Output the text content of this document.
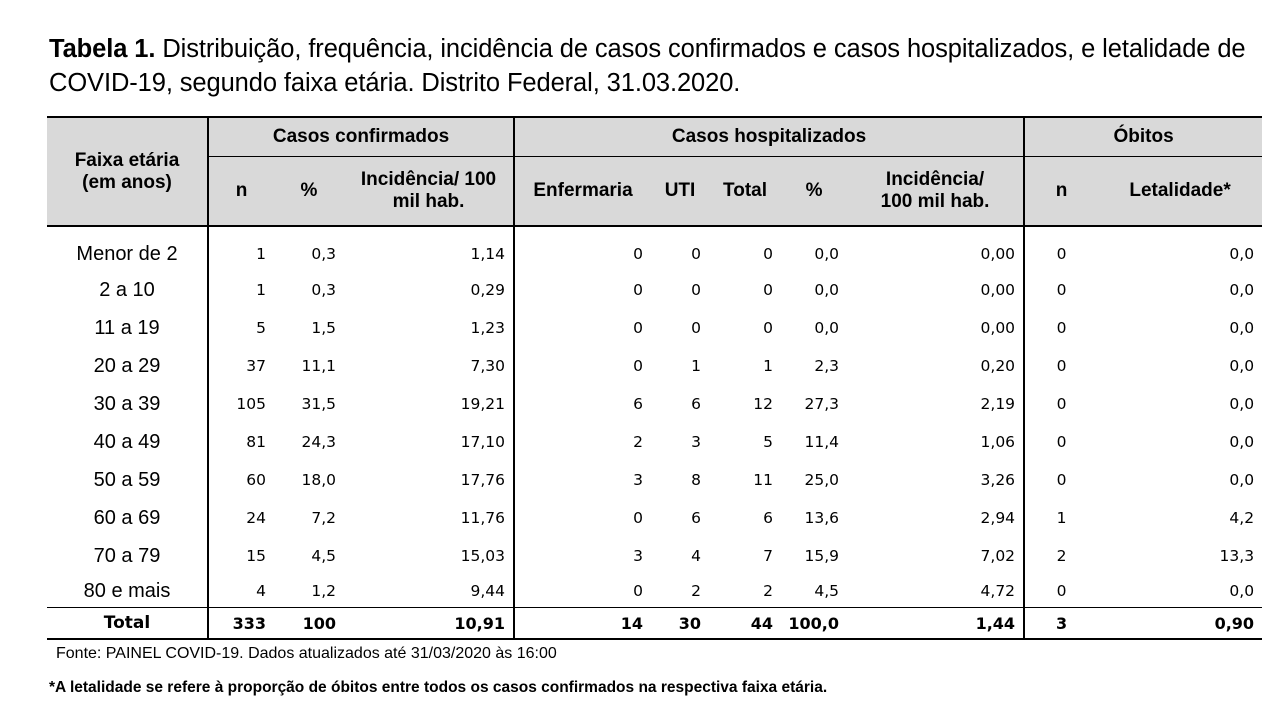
Tabela 1. Distribuição, frequência, incidência de casos confirmados e casos hospitalizados, e letalidade de COVID-19, segundo faixa etária. Distrito Federal, 31.03.2020.
Faixa etária (em anos)	Casos confirmados			Casos hospitalizados					Óbitos	
	n	%	Incidência/ 100 mil hab.	Enfermaria	UTI	Total	%	Incidência/ 100 mil hab.	n	Letalidade*
Menor de 2	1	0,3	1,14	0	0	0	0,0	0,00	0	0,0
2 a 10	1	0,3	0,29	0	0	0	0,0	0,00	0	0,0
11 a 19	5	1,5	1,23	0	0	0	0,0	0,00	0	0,0
20 a 29	37	11,1	7,30	0	1	1	2,3	0,20	0	0,0
30 a 39	105	31,5	19,21	6	6	12	27,3	2,19	0	0,0
40 a 49	81	24,3	17,10	2	3	5	11,4	1,06	0	0,0
50 a 59	60	18,0	17,76	3	8	11	25,0	3,26	0	0,0
60 a 69	24	7,2	11,76	0	6	6	13,6	2,94	1	4,2
70 a 79	15	4,5	15,03	3	4	7	15,9	7,02	2	13,3
80 e mais	4	1,2	9,44	0	2	2	4,5	4,72	0	0,0
Total	333	100	10,91	14	30	44	100,0	1,44	3	0,90
Fonte: PAINEL COVID-19. Dados atualizados até 31/03/2020 às 16:00
*A letalidade se refere à proporção de óbitos entre todos os casos confirmados na respectiva faixa etária.
